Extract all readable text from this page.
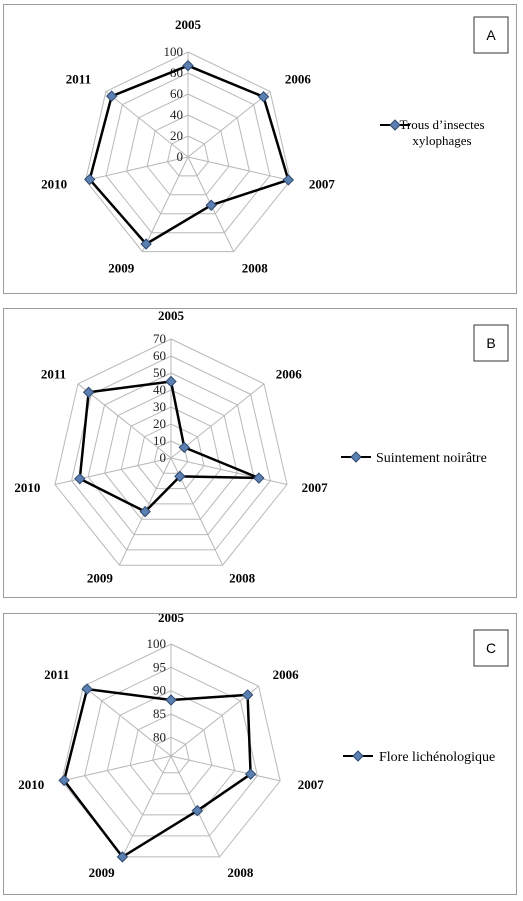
0
20
40
60
80
100
2005
2006
2007
2008
2009
2010
2011
Trous d’insectes xylophages
A
0
10
20
30
40
50
60
70
2005
2006
2007
2008
2009
2010
2011
Suintement noirâtre
B
80
85
90
95
100
2005
2006
2007
2008
2009
2010
2011
Flore lichénologique
C
